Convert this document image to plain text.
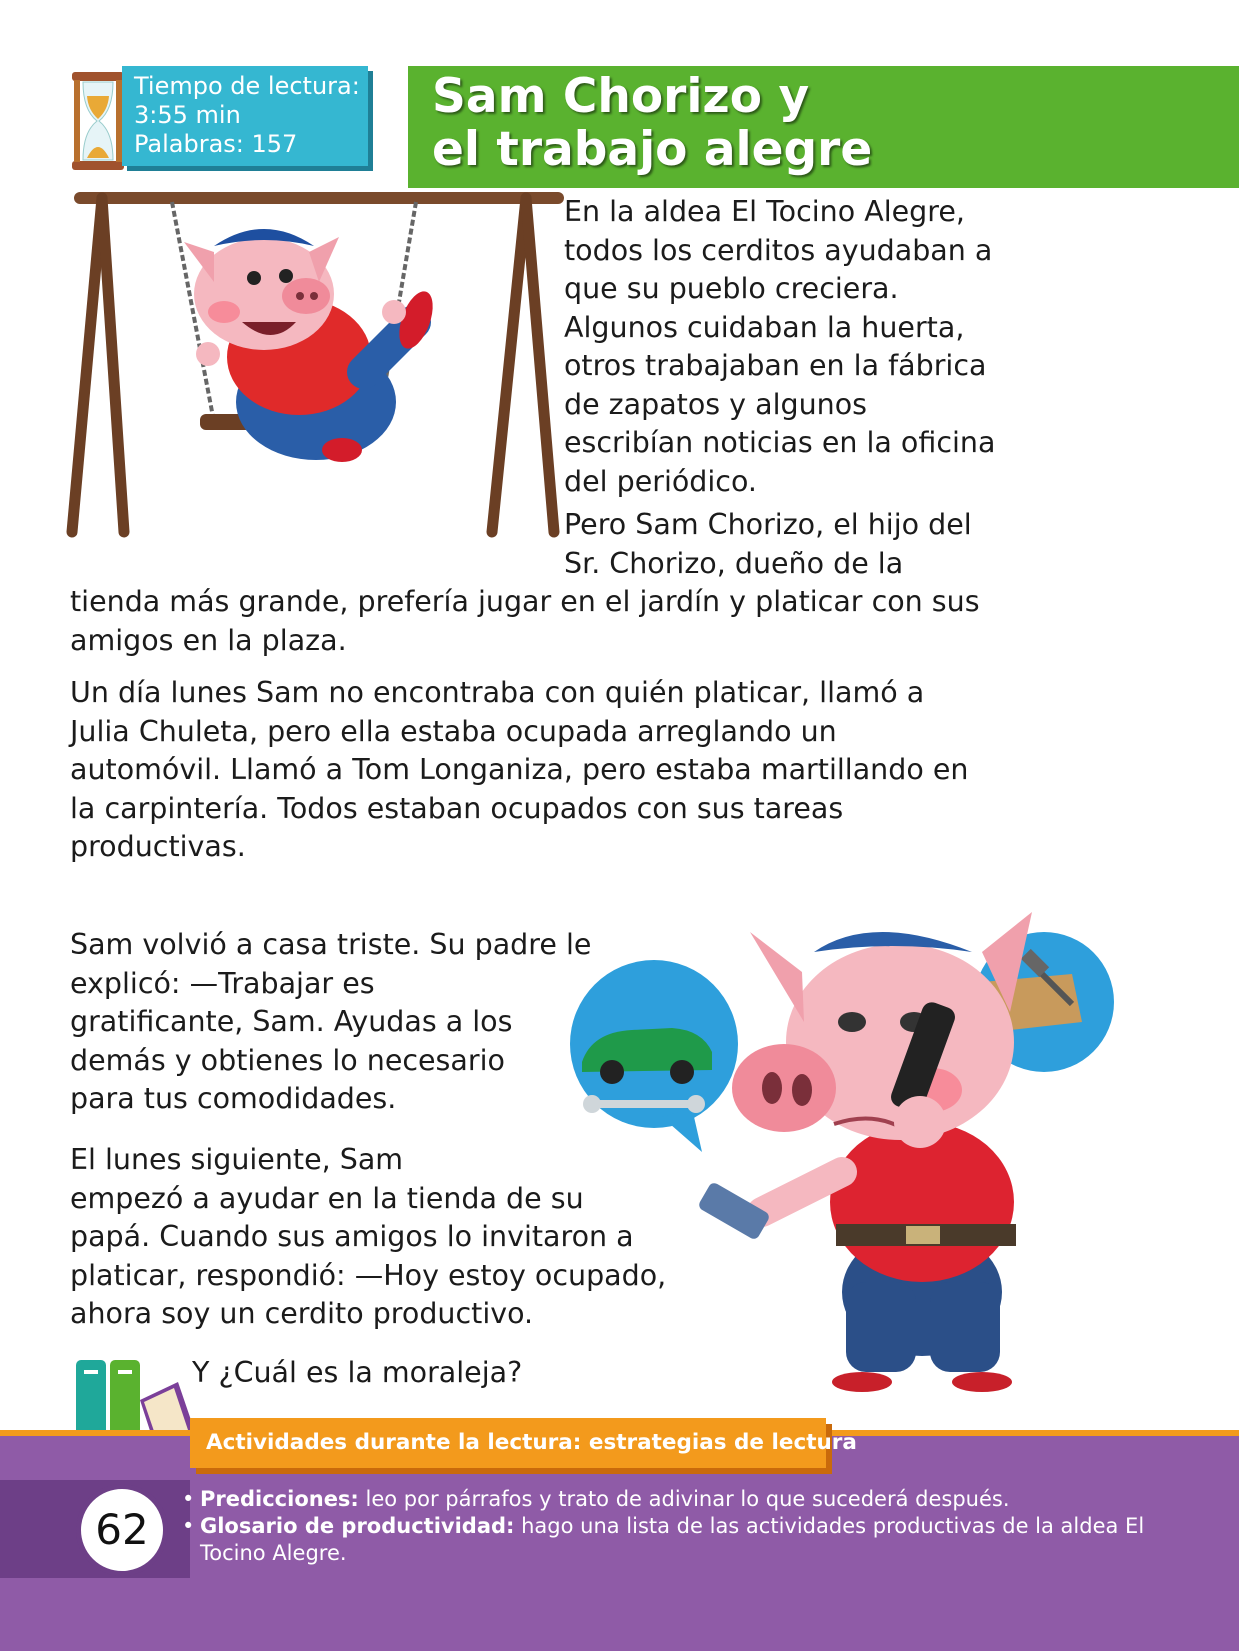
Tiempo de lectura:
3:55 min
Palabras: 157
Sam Chorizo y
el trabajo alegre
En la aldea El Tocino Alegre,
todos los cerditos ayudaban a
que su pueblo creciera.
Algunos cuidaban la huerta,
otros trabajaban en la fábrica
de zapatos y algunos
escribían noticias en la oficina
del periódico.
Pero Sam Chorizo, el hijo del
Sr. Chorizo, dueño de la
tienda más grande, prefería jugar en el jardín y platicar con sus
amigos en la plaza.
Un día lunes Sam no encontraba con quién platicar, llamó a
Julia Chuleta, pero ella estaba ocupada arreglando un
automóvil. Llamó a Tom Longaniza, pero estaba martillando en
la carpintería. Todos estaban ocupados con sus tareas
productivas.
Sam volvió a casa triste. Su padre le
explicó: —Trabajar es
gratificante, Sam. Ayudas a los
demás y obtienes lo necesario
para tus comodidades.
El lunes siguiente, Sam
empezó a ayudar en la tienda de su
papá. Cuando sus amigos lo invitaron a
platicar, respondió: —Hoy estoy ocupado,
ahora soy un cerdito productivo.
Y ¿Cuál es la moraleja?
Actividades durante la lectura: estrategias de lectura
62
• Predicciones: leo por párrafos y trato de adivinar lo que sucederá después.
• Glosario de productividad: hago una lista de las actividades productivas de la aldea El Tocino Alegre.
